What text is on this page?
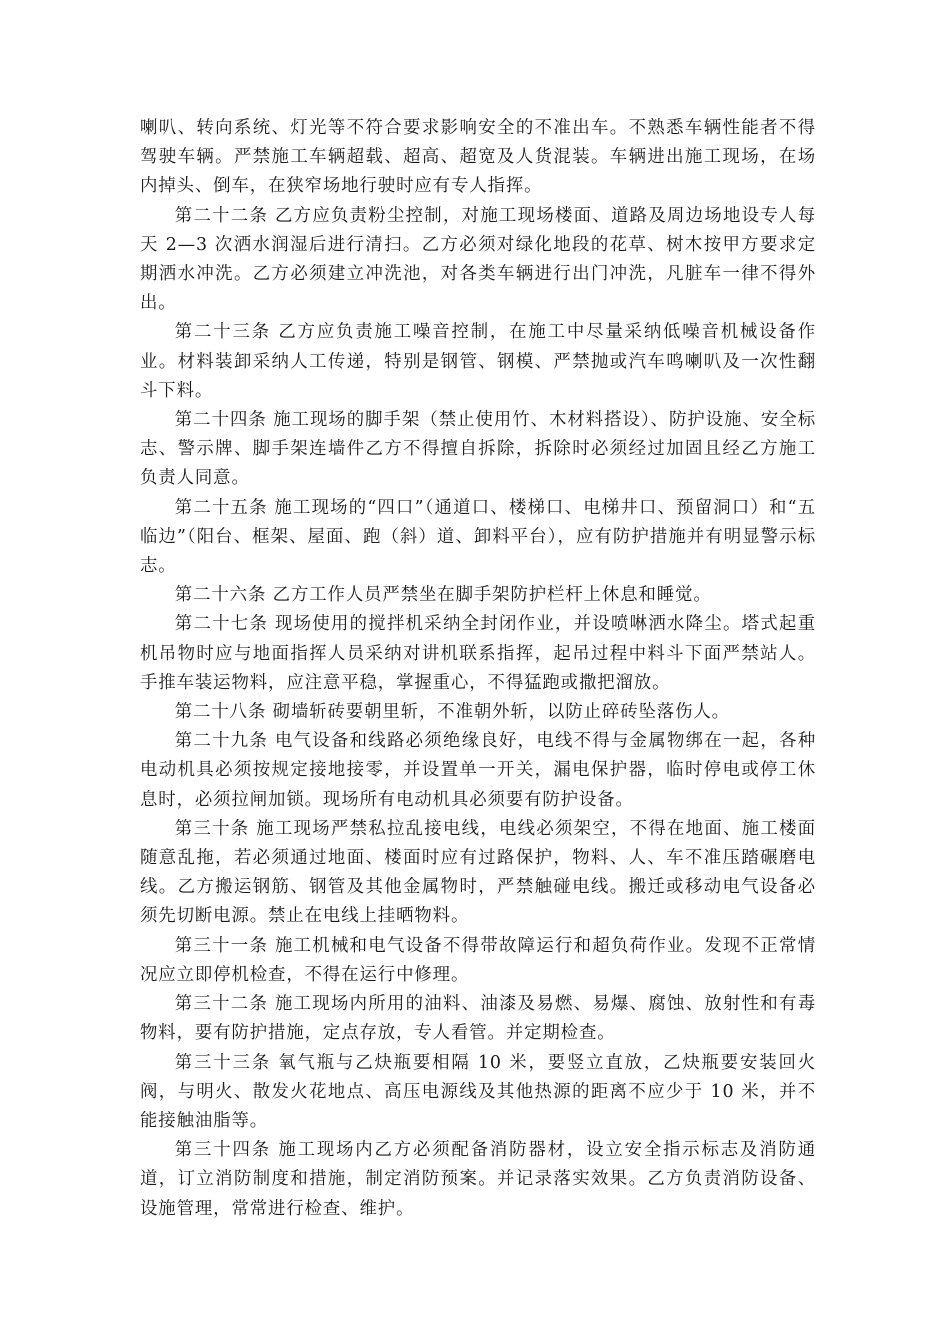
喇叭、转向系统、灯光等不符合要求影响安全的不准出车。不熟悉车辆性能者不得驾驶车辆。严禁施工车辆超载、超高、超宽及人货混装。车辆进出施工现场，在场内掉头、倒车，在狭窄场地行驶时应有专人指挥。

第二十二条 乙方应负责粉尘控制，对施工现场楼面、道路及周边场地设专人每天 2—3 次洒水润湿后进行清扫。乙方必须对绿化地段的花草、树木按甲方要求定期洒水冲洗。乙方必须建立冲洗池，对各类车辆进行出门冲洗，凡脏车一律不得外出。

第二十三条 乙方应负责施工噪音控制，在施工中尽量采纳低噪音机械设备作业。材料装卸采纳人工传递，特别是钢管、钢模、严禁抛或汽车鸣喇叭及一次性翻斗下料。

第二十四条 施工现场的脚手架（禁止使用竹、木材料搭设）、防护设施、安全标志、警示牌、脚手架连墙件乙方不得擅自拆除，拆除时必须经过加固且经乙方施工负责人同意。

第二十五条 施工现场的“四口”（通道口、楼梯口、电梯井口、预留洞口）和“五临边”（阳台、框架、屋面、跑（斜）道、卸料平台），应有防护措施并有明显警示标志。

第二十六条 乙方工作人员严禁坐在脚手架防护栏杆上休息和睡觉。

第二十七条 现场使用的搅拌机采纳全封闭作业，并设喷啉洒水降尘。塔式起重机吊物时应与地面指挥人员采纳对讲机联系指挥，起吊过程中料斗下面严禁站人。手推车装运物料，应注意平稳，掌握重心，不得猛跑或撒把溜放。

第二十八条 砌墙斩砖要朝里斩，不准朝外斩，以防止碎砖坠落伤人。

第二十九条 电气设备和线路必须绝缘良好，电线不得与金属物绑在一起，各种电动机具必须按规定接地接零，并设置单一开关，漏电保护器，临时停电或停工休息时，必须拉闸加锁。现场所有电动机具必须要有防护设备。

第三十条 施工现场严禁私拉乱接电线，电线必须架空，不得在地面、施工楼面随意乱拖，若必须通过地面、楼面时应有过路保护，物料、人、车不准压踏碾磨电线。乙方搬运钢筋、钢管及其他金属物时，严禁触碰电线。搬迁或移动电气设备必须先切断电源。禁止在电线上挂晒物料。

第三十一条 施工机械和电气设备不得带故障运行和超负荷作业。发现不正常情况应立即停机检查，不得在运行中修理。

第三十二条 施工现场内所用的油料、油漆及易燃、易爆、腐蚀、放射性和有毒物料，要有防护措施，定点存放，专人看管。并定期检查。

第三十三条 氧气瓶与乙炔瓶要相隔 10 米，要竖立直放，乙炔瓶要安装回火阀，与明火、散发火花地点、高压电源线及其他热源的距离不应少于 10 米，并不能接触油脂等。

第三十四条 施工现场内乙方必须配备消防器材，设立安全指示标志及消防通道，订立消防制度和措施，制定消防预案。并记录落实效果。乙方负责消防设备、设施管理，常常进行检查、维护。
